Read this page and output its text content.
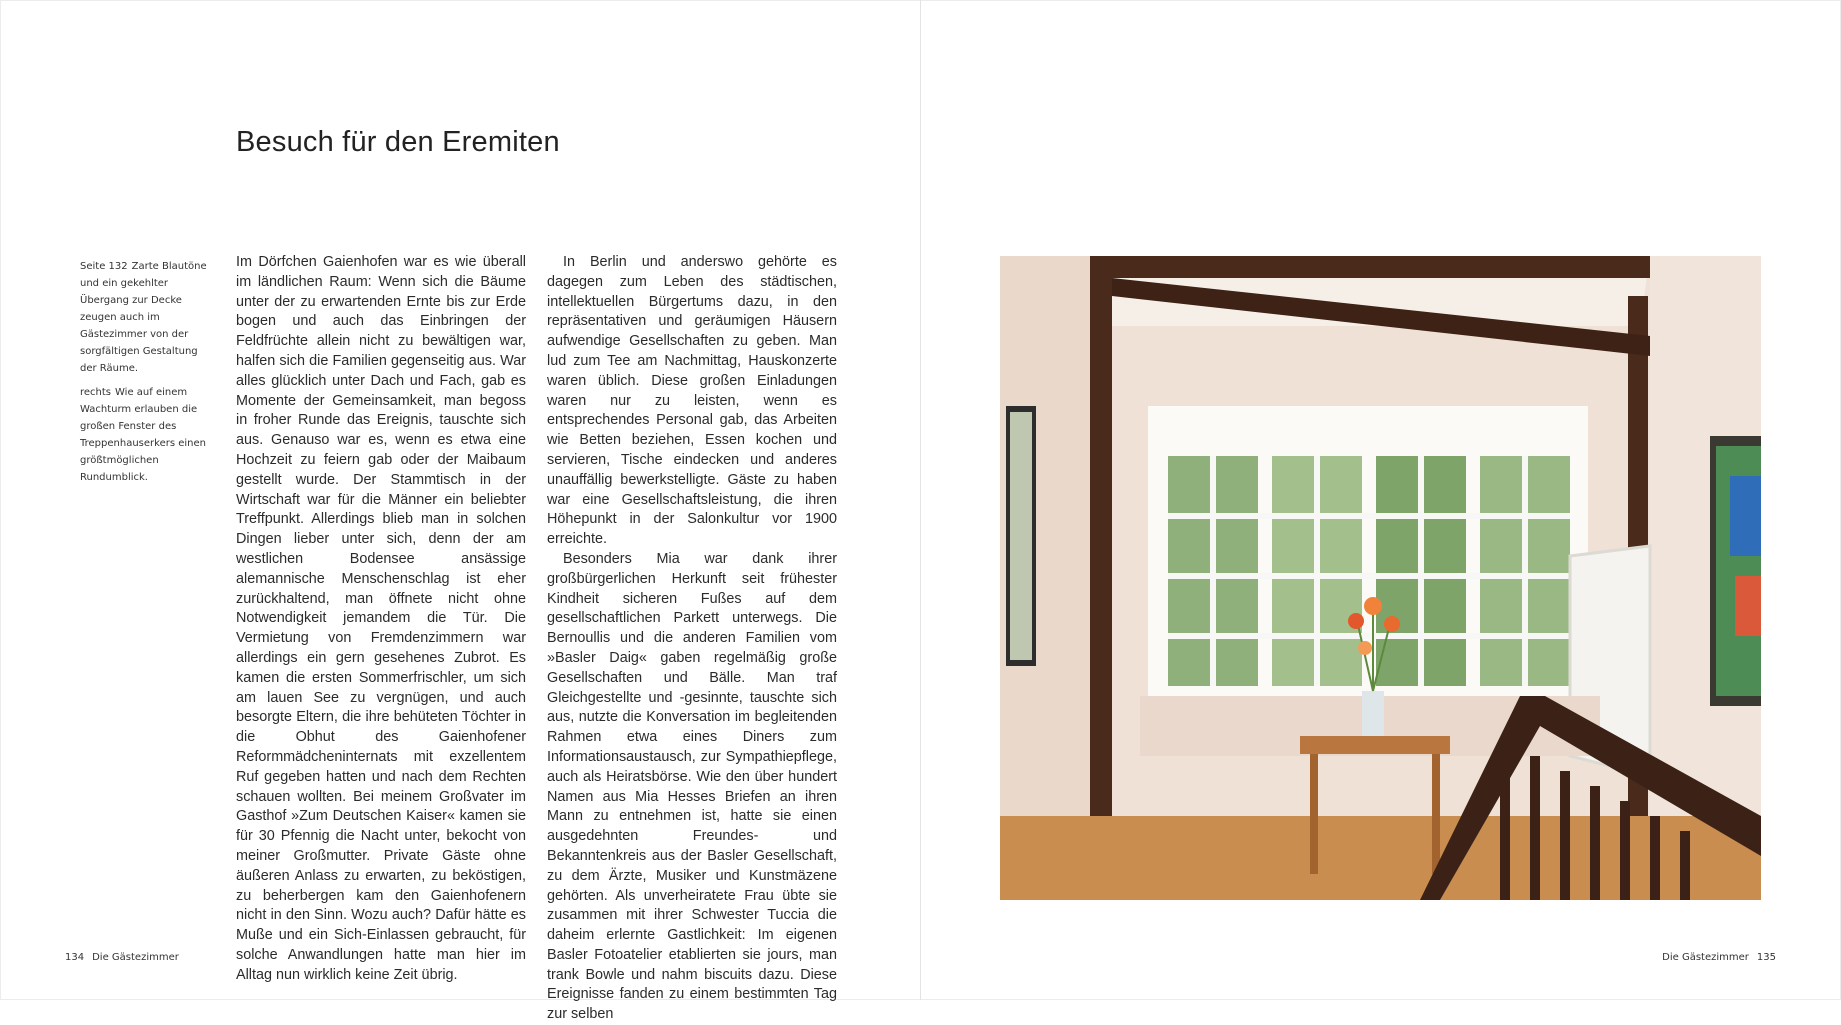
Besuch für den Eremiten

Seite 132 Zarte Blautöne und ein gekehlter Übergang zur Decke zeugen auch im Gästezimmer von der sorgfältigen Gestaltung der Räume.

rechts Wie auf einem Wachturm erlauben die großen Fenster des Treppenhauserkers einen größtmöglichen Rundumblick.

Im Dörfchen Gaienhofen war es wie überall im ländlichen Raum: Wenn sich die Bäume unter der zu erwartenden Ernte bis zur Erde bogen und auch das Einbringen der Feldfrüchte allein nicht zu bewältigen war, halfen sich die Familien gegenseitig aus. War alles glücklich unter Dach und Fach, gab es Momente der Gemeinsamkeit, man begoss in froher Runde das Ereignis, tauschte sich aus. Genauso war es, wenn es etwa eine Hochzeit zu feiern gab oder der Maibaum gestellt wurde. Der Stammtisch in der Wirtschaft war für die Männer ein beliebter Treffpunkt. Allerdings blieb man in solchen Dingen lieber unter sich, denn der am westlichen Bodensee ansässige alemannische Menschenschlag ist eher zurückhaltend, man öffnete nicht ohne Notwendigkeit jemandem die Tür. Die Vermietung von Fremdenzimmern war allerdings ein gern gesehenes Zubrot. Es kamen die ersten Sommerfrischler, um sich am lauen See zu vergnügen, und auch besorgte Eltern, die ihre behüteten Töchter in die Obhut des Gaienhofener Reformmädcheninternats mit exzellentem Ruf gegeben hatten und nach dem Rechten schauen wollten. Bei meinem Großvater im Gasthof »Zum Deutschen Kaiser« kamen sie für 30 Pfennig die Nacht unter, bekocht von meiner Großmutter. Private Gäste ohne äußeren Anlass zu erwarten, zu beköstigen, zu beherbergen kam den Gaienhofenern nicht in den Sinn. Wozu auch? Dafür hätte es Muße und ein Sich-Einlassen gebraucht, für solche Anwandlungen hatte man hier im Alltag nun wirklich keine Zeit übrig.

In Berlin und anderswo gehörte es dagegen zum Leben des städtischen, intellektuellen Bürgertums dazu, in den repräsentativen und geräumigen Häusern aufwendige Gesellschaften zu geben. Man lud zum Tee am Nachmittag, Hauskonzerte waren üblich. Diese großen Einladungen waren nur zu leisten, wenn es entsprechendes Personal gab, das Arbeiten wie Betten beziehen, Essen kochen und servieren, Tische eindecken und anderes unauffällig bewerkstelligte. Gäste zu haben war eine Gesellschaftsleistung, die ihren Höhepunkt in der Salonkultur vor 1900 erreichte.

Besonders Mia war dank ihrer großbürgerlichen Herkunft seit frühester Kindheit sicheren Fußes auf dem gesellschaftlichen Parkett unterwegs. Die Bernoullis und die anderen Familien vom »Basler Daig« gaben regelmäßig große Gesellschaften und Bälle. Man traf Gleichgestellte und -gesinnte, tauschte sich aus, nutzte die Konversation im begleitenden Rahmen etwa eines Diners zum Informationsaustausch, zur Sympathiepflege, auch als Heiratsbörse. Wie den über hundert Namen aus Mia Hesses Briefen an ihren Mann zu entnehmen ist, hatte sie einen ausgedehnten Freundes- und Bekanntenkreis aus der Basler Gesellschaft, zu dem Ärzte, Musiker und Kunstmäzene gehörten. Als unverheiratete Frau übte sie zusammen mit ihrer Schwester Tuccia die daheim erlernte Gastlichkeit: Im eigenen Basler Fotoatelier etablierten sie jours, man trank Bowle und nahm biscuits dazu. Diese Ereignisse fanden zu einem bestimmten Tag zur selben

134 Die Gästezimmer	Die Gästezimmer 135
